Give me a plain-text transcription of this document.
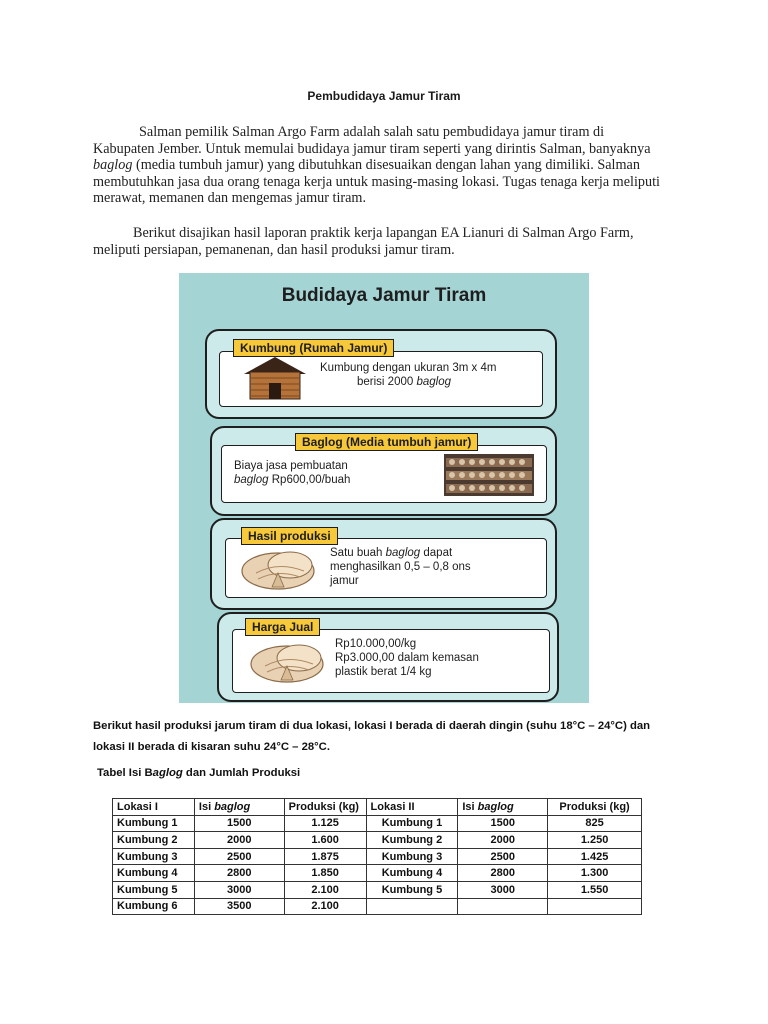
Pembudidaya Jamur Tiram
Salman pemilik Salman Argo Farm adalah salah satu pembudidaya jamur tiram di Kabupaten Jember. Untuk memulai budidaya jamur tiram seperti yang dirintis Salman, banyaknya baglog (media tumbuh jamur) yang dibutuhkan disesuaikan dengan lahan yang dimiliki. Salman membutuhkan jasa dua orang tenaga kerja untuk masing-masing lokasi. Tugas tenaga kerja meliputi merawat, memanen dan mengemas jamur tiram.
Berikut disajikan hasil laporan praktik kerja lapangan EA Lianuri di Salman Argo Farm, meliputi persiapan, pemanenan, dan hasil produksi jamur tiram.
Budidaya Jamur Tiram
Kumbung dengan ukuran 3m x 4m
berisi 2000 baglog
Kumbung (Rumah Jamur)
Biaya jasa pembuatan
baglog Rp600,00/buah
Baglog (Media tumbuh jamur)
Satu buah baglog dapat
menghasilkan 0,5 – 0,8 ons
jamur
Hasil produksi
Rp10.000,00/kg
Rp3.000,00 dalam kemasan
plastik berat 1/4 kg
Harga Jual
Berikut hasil produksi jarum tiram di dua lokasi, lokasi I berada di daerah dingin (suhu 18°C – 24°C) dan lokasi II berada di kisaran suhu 24°C – 28°C.
Tabel Isi Baglog dan Jumlah Produksi
Lokasi I	Isi baglog	Produksi (kg)	Lokasi II	Isi baglog	Produksi (kg)
Kumbung 1	1500	1.125	Kumbung 1	1500	825
Kumbung 2	2000	1.600	Kumbung 2	2000	1.250
Kumbung 3	2500	1.875	Kumbung 3	2500	1.425
Kumbung 4	2800	1.850	Kumbung 4	2800	1.300
Kumbung 5	3000	2.100	Kumbung 5	3000	1.550
Kumbung 6	3500	2.100			
